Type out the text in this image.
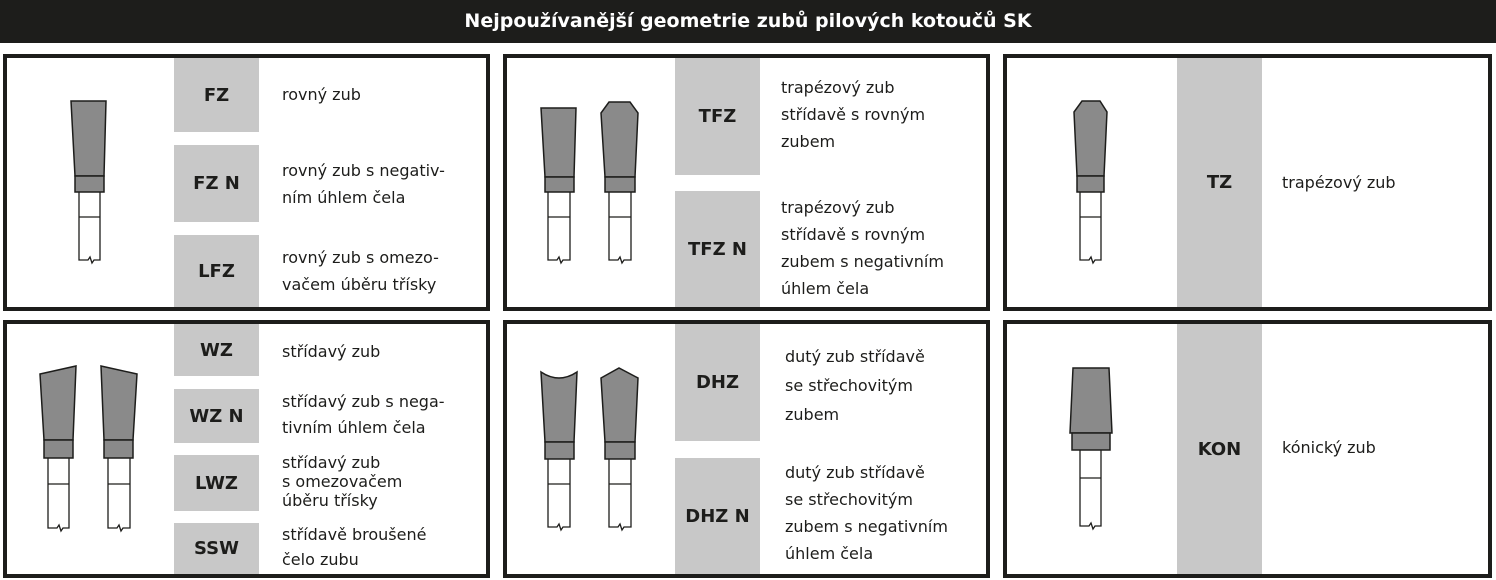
Nejpoužívanější geometrie zubů pilových kotoučů SK
FZ
FZ N
LFZ
rovný zub
rovný zub s negativ-
ním úhlem čela
rovný zub s omezo-
vačem úběru třísky
TFZ
TFZ N
trapézový zub
střídavě s rovným
zubem
trapézový zub
střídavě s rovným
zubem s negativním
úhlem čela
TZ	trapézový zub
WZ
WZ N
LWZ
SSW
střídavý zub
střídavý zub s nega-
tivním úhlem čela
střídavý zub
s omezovačem
úběru třísky
střídavě broušené
čelo zubu
DHZ
DHZ N
dutý zub střídavě
se střechovitým
zubem
dutý zub střídavě
se střechovitým
zubem s negativním
úhlem čela
KON	kónický zub
